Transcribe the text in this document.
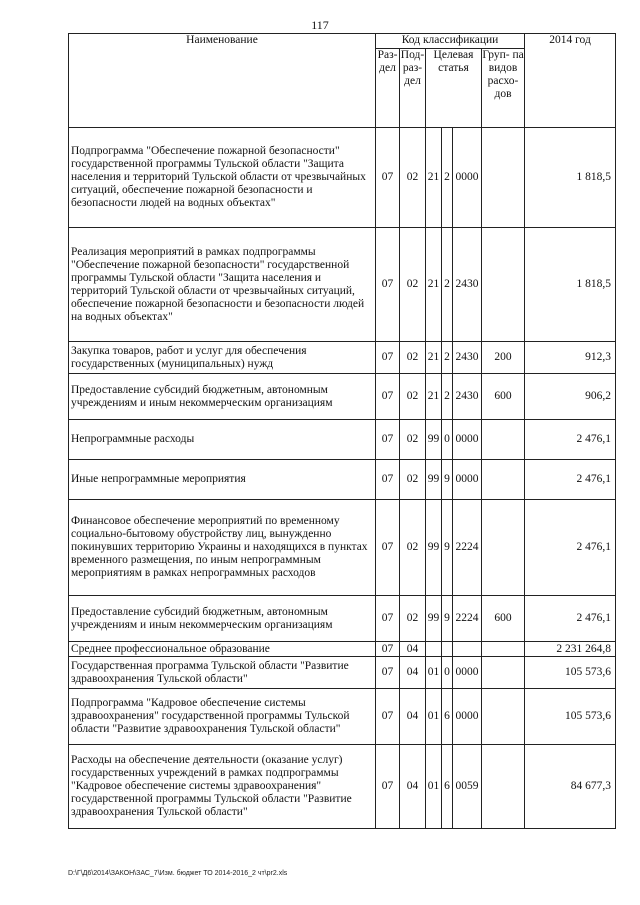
117
Наименование	Код классификации						2014 год
	Раз- дел	Под- раз- дел	Целевая статья			Груп- па видов расхо- дов	
Подпрограмма "Обеспечение пожарной безопасности" государственной программы Тульской области "Защита населения и территорий Тульской области от чрезвычайных ситуаций, обеспечение пожарной безопасности и безопасности людей на водных объектах"	07	02	21	2	0000		1 818,5
Реализация мероприятий в рамках подпрограммы "Обеспечение пожарной безопасности" государственной программы Тульской области "Защита населения и территорий Тульской области от чрезвычайных ситуаций, обеспечение пожарной безопасности и безопасности людей на водных объектах"	07	02	21	2	2430		1 818,5
Закупка товаров, работ и услуг для обеспечения государственных (муниципальных) нужд	07	02	21	2	2430	200	912,3
Предоставление субсидий бюджетным, автономным учреждениям и иным некоммерческим организациям	07	02	21	2	2430	600	906,2
Непрограммные расходы	07	02	99	0	0000		2 476,1
Иные непрограммные мероприятия	07	02	99	9	0000		2 476,1
Финансовое обеспечение мероприятий по временному социально-бытовому обустройству лиц, вынужденно покинувших территорию Украины и находящихся в пунктах временного размещения, по иным непрограммным мероприятиям в рамках непрограммных расходов	07	02	99	9	2224		2 476,1
Предоставление субсидий бюджетным, автономным учреждениям и иным некоммерческим организациям	07	02	99	9	2224	600	2 476,1
Среднее профессиональное образование	07	04					2 231 264,8
Государственная программа Тульской области "Развитие здравоохранения Тульской области"	07	04	01	0	0000		105 573,6
Подпрограмма "Кадровое обеспечение системы здравоохранения" государственной программы Тульской области "Развитие здравоохранения Тульской области"	07	04	01	6	0000		105 573,6
Расходы на обеспечение деятельности (оказание услуг) государственных учреждений в рамках подпрограммы "Кадровое обеспечение системы здравоохранения" государственной программы Тульской области "Развитие здравоохранения Тульской области"	07	04	01	6	0059		84 677,3
D:\Г\Д6\2014\ЗАКОН\ЗАС_7\Изм. бюджет ТО 2014-2016_2 чт\pr2.xls
